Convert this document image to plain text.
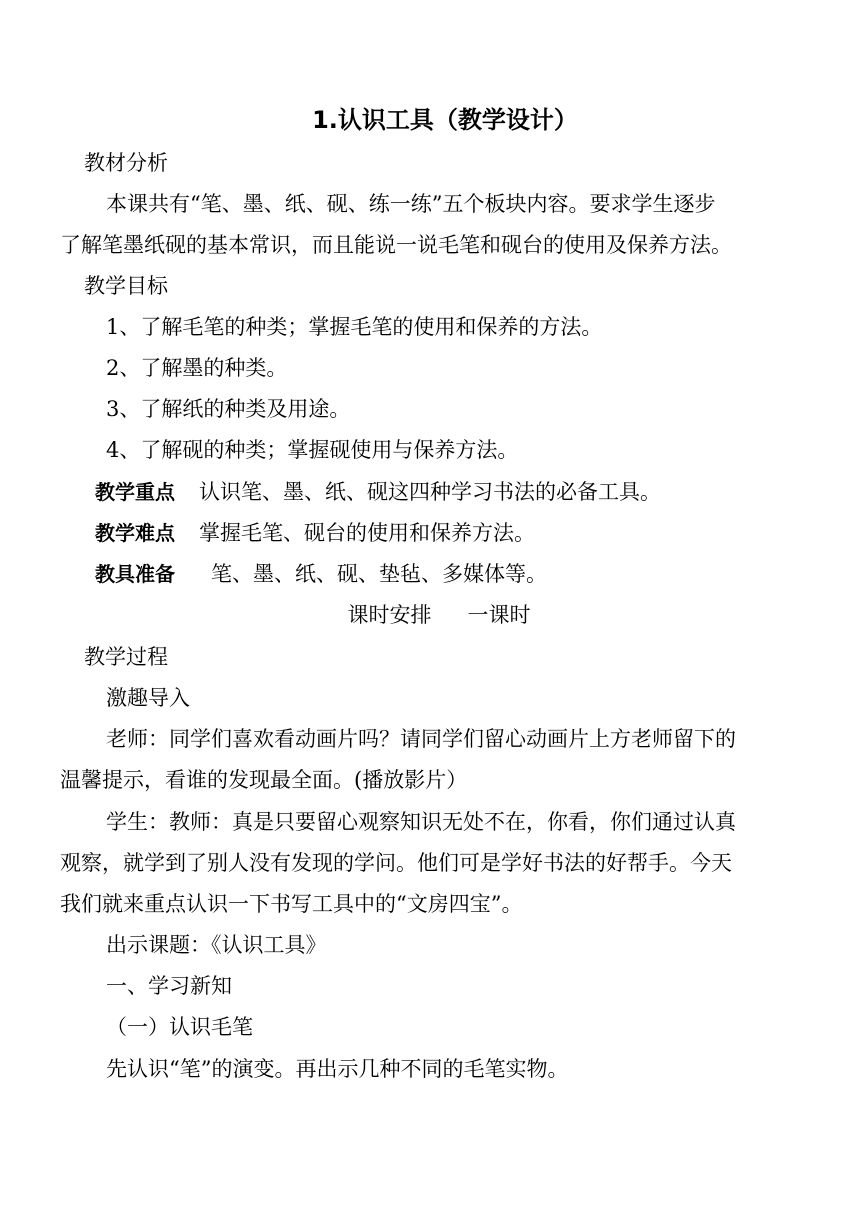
1.认识工具（教学设计）
教材分析
本课共有“笔、墨、纸、砚、练一练”五个板块内容。要求学生逐步
了解笔墨纸砚的基本常识，而且能说一说毛笔和砚台的使用及保养方法。
教学目标
1、了解毛笔的种类；掌握毛笔的使用和保养的方法。
2、了解墨的种类。
3、了解纸的种类及用途。
4、了解砚的种类；掌握砚使用与保养方法。
教学重点 认识笔、墨、纸、砚这四种学习书法的必备工具。
教学难点 掌握毛笔、砚台的使用和保养方法。
教具准备 笔、墨、纸、砚、垫毡、多媒体等。
课时安排 一课时
教学过程
激趣导入
老师：同学们喜欢看动画片吗？请同学们留心动画片上方老师留下的
温馨提示，看谁的发现最全面。(播放影片）
学生：教师：真是只要留心观察知识无处不在，你看，你们通过认真
观察，就学到了别人没有发现的学问。他们可是学好书法的好帮手。今天
我们就来重点认识一下书写工具中的“文房四宝”。
出示课题：《认识工具》
一、学习新知
（一）认识毛笔
先认识“笔”的演变。再出示几种不同的毛笔实物。
